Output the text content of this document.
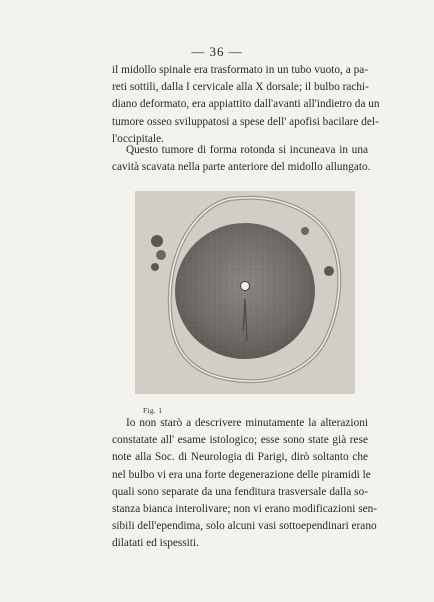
— 36 —
il midollo spinale era trasformato in un tubo vuoto, a pa-
reti sottili, dalla I cervicale alla X dorsale; il bulbo rachi-
diano deformato, era appiattito dall'avanti all'indietro da un
tumore osseo sviluppatosi a spese dell' apofisi bacilare del-
l'occipitale.
Questo tumore di forma rotonda si incuneava in una
cavità scavata nella parte anteriore del midollo allungato.
Fig. 1
Io non starò a descrivere minutamente la alterazioni
constatate all' esame istologico; esse sono state già rese
note alla Soc. di Neurologia di Parigi, dirò soltanto che
nel bulbo vi era una forte degenerazione delle piramidi le
quali sono separate da una fenditura trasversale dalla so-
stanza bianca interolivare; non vi erano modificazioni sen-
sibili dell'ependima, solo alcuni vasi sottoependinari erano
dilatati ed ispessiti.
